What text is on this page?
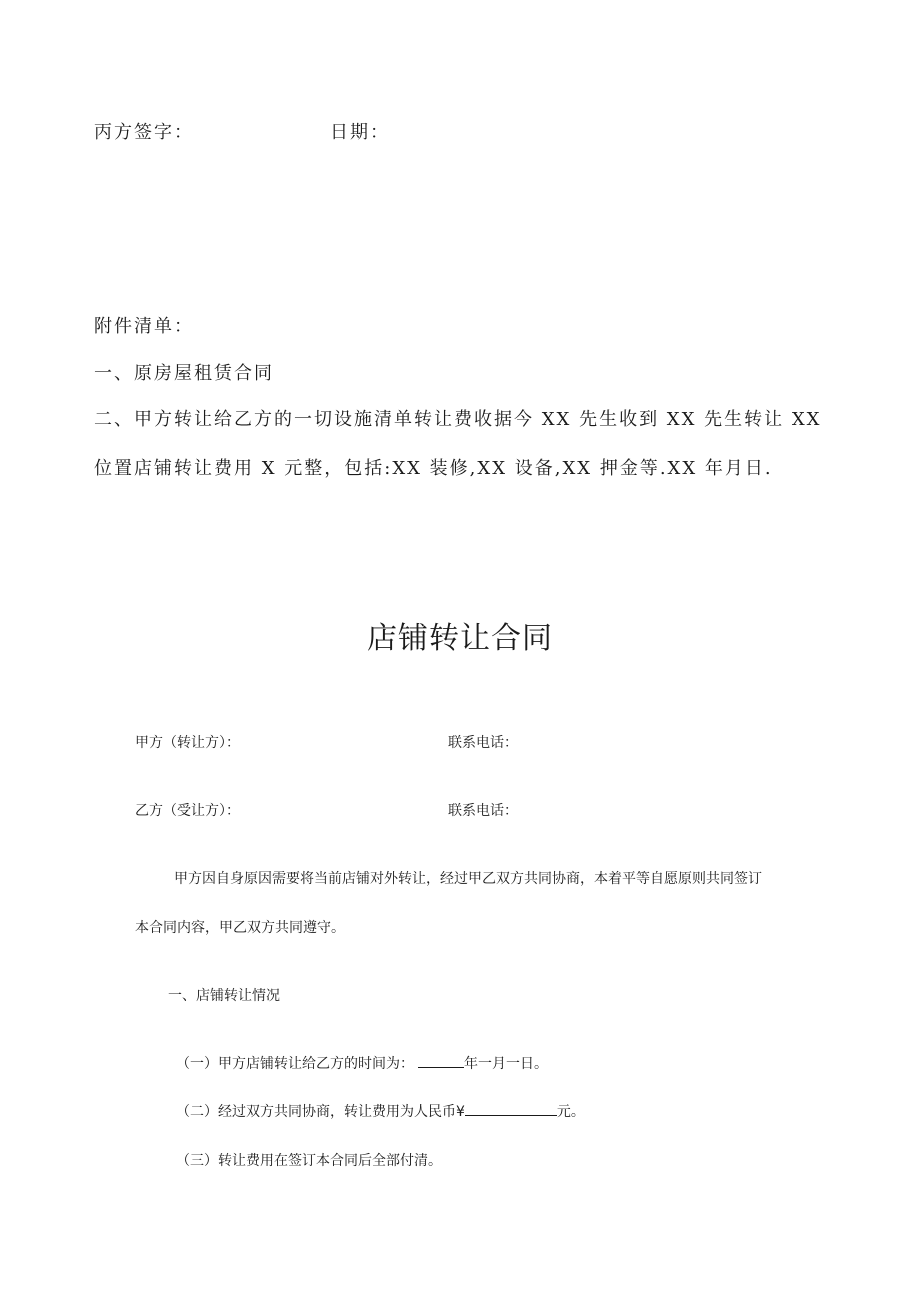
丙方签字：	日期：
附件清单：
一、原房屋租赁合同
二、甲方转让给乙方的一切设施清单转让费收据今 XX 先生收到 XX 先生转让 XX
位置店铺转让费用 X 元整，包括:XX 装修,XX 设备,XX 押金等.XX 年月日.
店铺转让合同
甲方（转让方）：	联系电话：
乙方（受让方）：	联系电话：
甲方因自身原因需要将当前店铺对外转让，经过甲乙双方共同协商，本着平等自愿原则共同签订
本合同内容，甲乙双方共同遵守。
一、店铺转让情况
（一）甲方店铺转让给乙方的时间为：	年一月一日。
（二）经过双方共同协商，转让费用为人民币¥	元。
（三）转让费用在签订本合同后全部付清。
